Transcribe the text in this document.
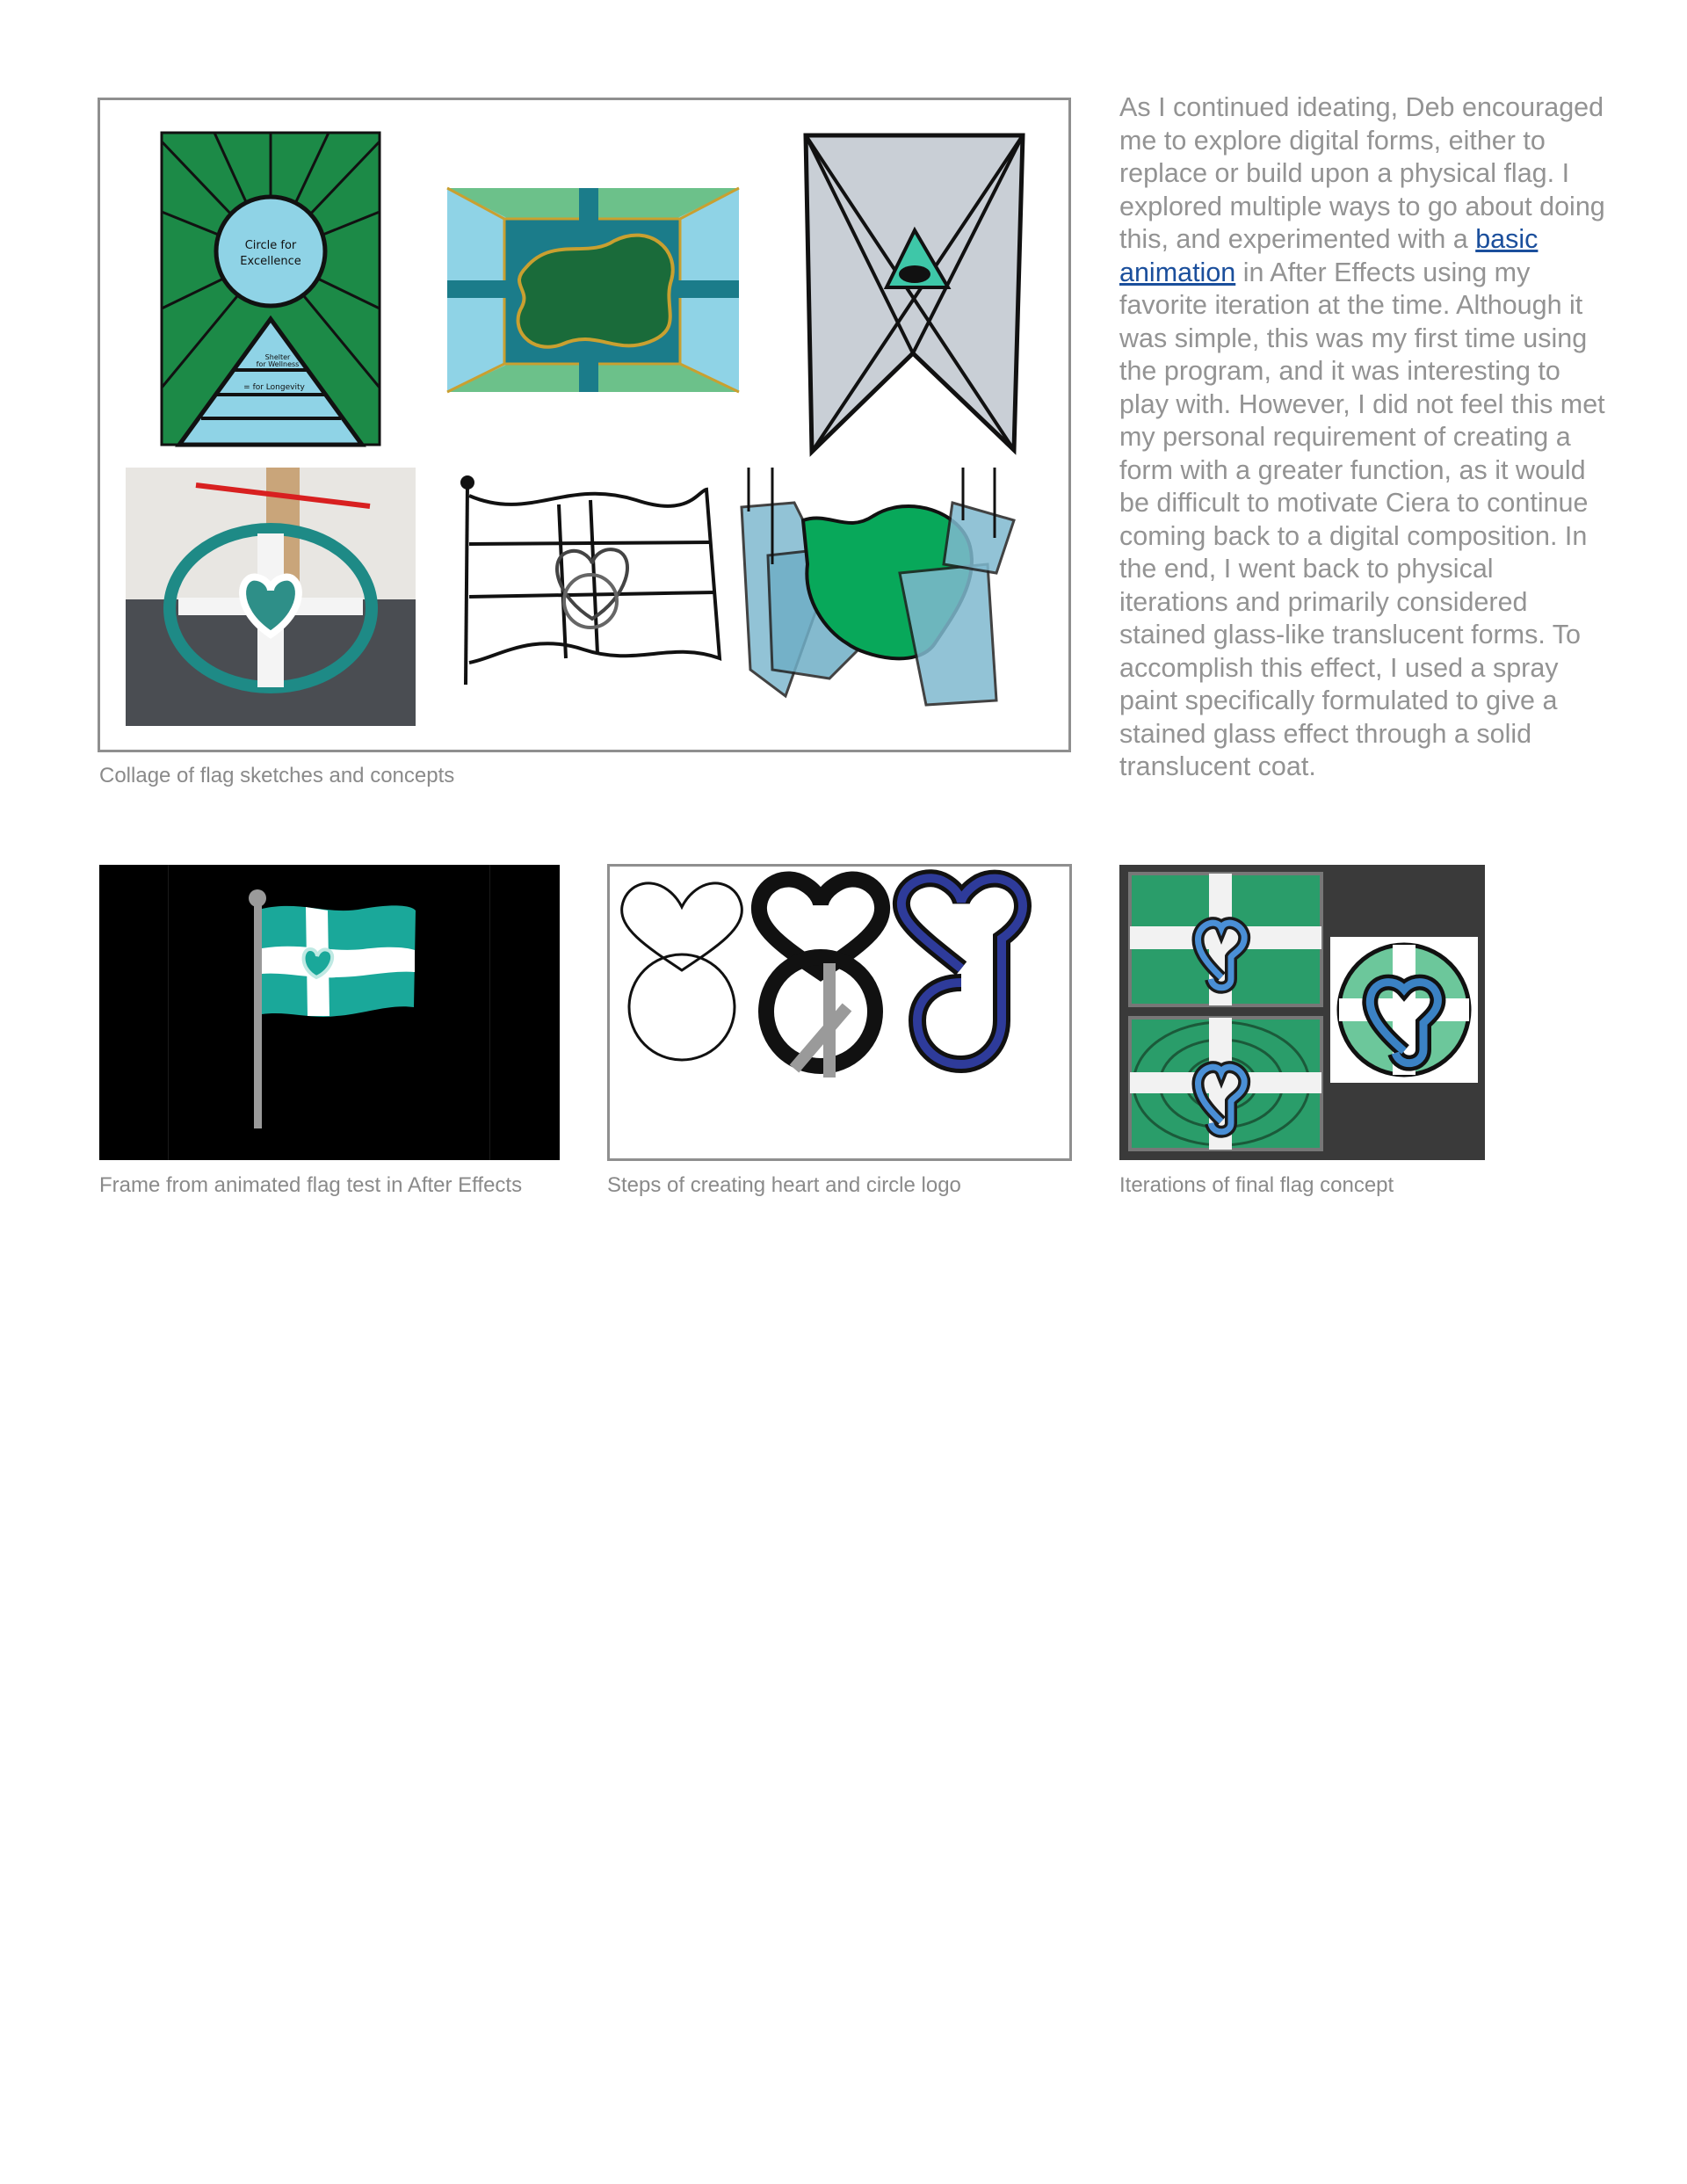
Circle for
Excellence
Shelter
for Wellness
= for Longevity
Collage of flag sketches and concepts
As I continued ideating, Deb encouraged me to explore digital forms, either to replace or build upon a physical flag. I explored multiple ways to go about doing this, and experimented with a basic animation in After Effects using my favorite iteration at the time. Although it was simple, this was my first time using the program, and it was interesting to play with. However, I did not feel this met my personal requirement of creating a form with a greater function, as it would be difficult to motivate Ciera to continue coming back to a digital composition. In the end, I went back to physical iterations and primarily considered stained glass-like translucent forms. To accomplish this effect, I used a spray paint specifically formulated to give a stained glass effect through a solid translucent coat.
Frame from animated flag test in After Effects	Steps of creating heart and circle logo	Iterations of final flag concept
